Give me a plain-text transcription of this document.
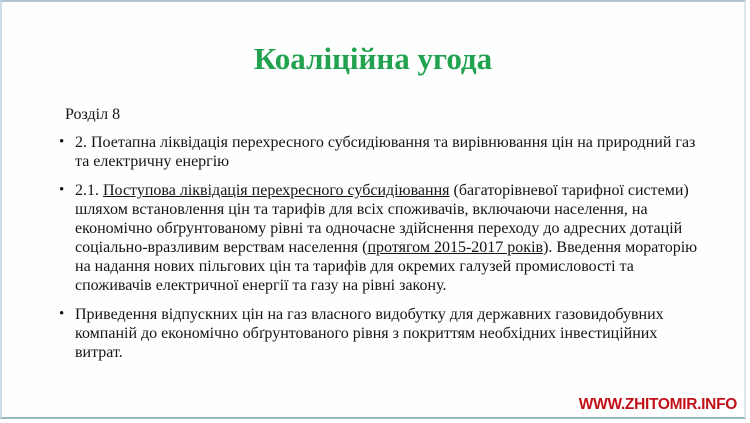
Коаліційна угода
Розділ 8
• 2. Поетапна ліквідація перехресного субсидіювання та вирівнювання цін на природний газ та електричну енергію
• 2.1. Поступова ліквідація перехресного субсидіювання (багаторівневої тарифної системи) шляхом встановлення цін та тарифів для всіх споживачів, включаючи населення, на економічно обґрунтованому рівні та одночасне здійснення переходу до адресних дотацій соціально-вразливим верствам населення (протягом 2015-2017 років). Введення мораторію на надання нових пільгових цін та тарифів для окремих галузей промисловості та споживачів електричної енергії та газу на рівні закону.
• Приведення відпускних цін на газ власного видобутку для державних газовидобувних компаній до економічно обґрунтованого рівня з покриттям необхідних інвестиційних витрат.
WWW.ZHITOMIR.INFO
